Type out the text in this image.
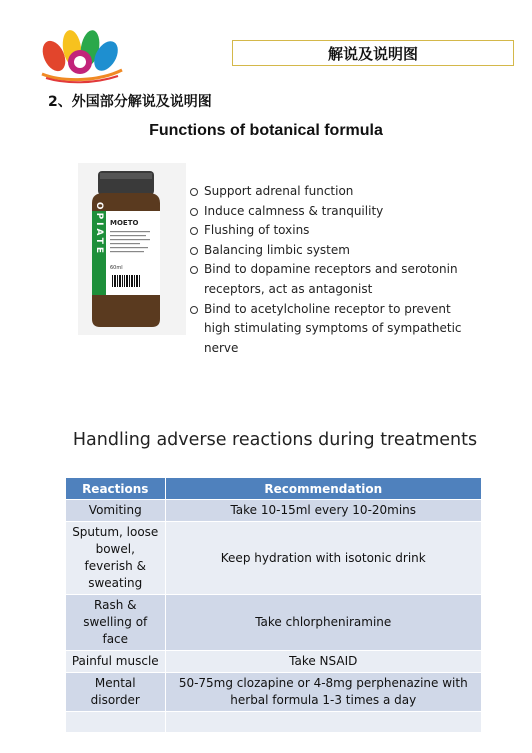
解说及说明图
2、外国部分解说及说明图
Functions of botanical formula
OPIATE MOETO
60ml
Support adrenal function
Induce calmness & tranquility
Flushing of toxins
Balancing limbic system
Bind to dopamine receptors and serotonin receptors, act as antagonist
Bind to acetylcholine receptor to prevent high stimulating symptoms of sympathetic nerve
Handling adverse reactions during treatments
Reactions	Recommendation
Vomiting	Take 10-15ml every 10-20mins
Sputum, loose bowel, feverish & sweating	Keep hydration with isotonic drink
Rash & swelling of face	Take chlorpheniramine
Painful muscle	Take NSAID
Mental disorder	50-75mg clozapine or 4-8mg perphenazine with herbal formula 1-3 times a day
